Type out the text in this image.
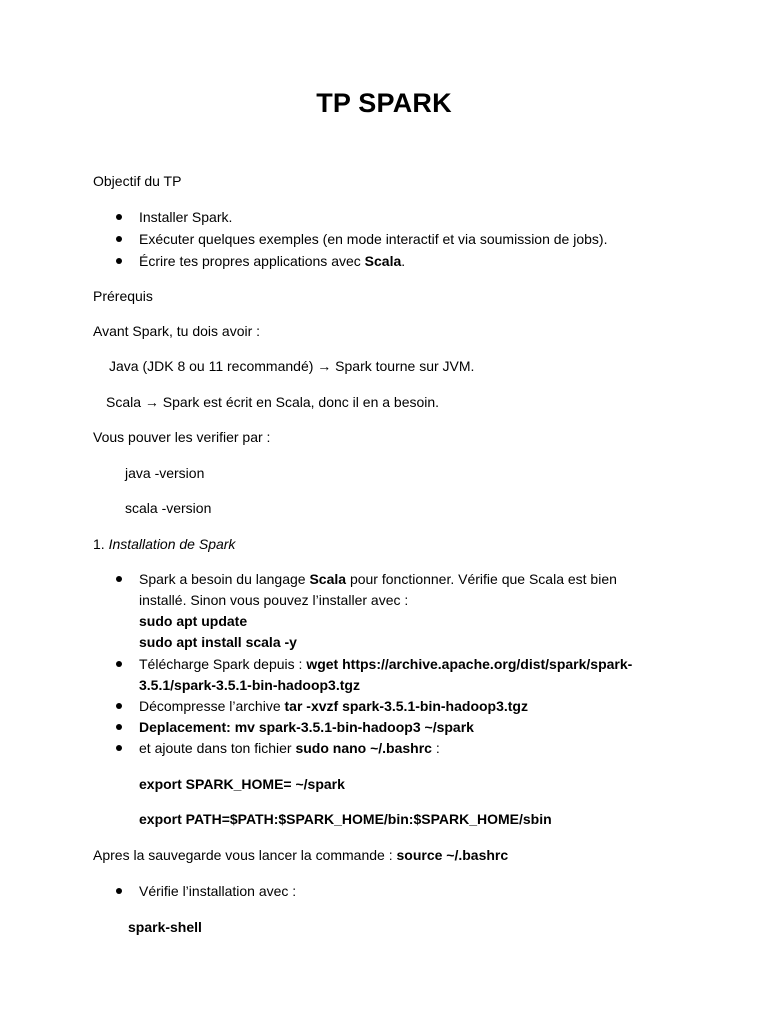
TP SPARK
Objectif du TP
Installer Spark.
Exécuter quelques exemples (en mode interactif et via soumission de jobs).
Écrire tes propres applications avec Scala.
Prérequis
Avant Spark, tu dois avoir :
Java (JDK 8 ou 11 recommandé) → Spark tourne sur JVM.
Scala → Spark est écrit en Scala, donc il en a besoin.
Vous pouver les verifier par :
java -version
scala -version
1. Installation de Spark
Spark a besoin du langage Scala pour fonctionner. Vérifie que Scala est bien
installé. Sinon vous pouvez l’installer avec :
sudo apt update
sudo apt install scala -y
Télécharge Spark depuis : wget https://archive.apache.org/dist/spark/spark-
3.5.1/spark-3.5.1-bin-hadoop3.tgz
Décompresse l’archive tar -xvzf spark-3.5.1-bin-hadoop3.tgz
Deplacement: mv spark-3.5.1-bin-hadoop3 ~/spark
et ajoute dans ton fichier sudo nano ~/.bashrc :
export SPARK_HOME= ~/spark
export PATH=$PATH:$SPARK_HOME/bin:$SPARK_HOME/sbin
Apres la sauvegarde vous lancer la commande : source ~/.bashrc
Vérifie l’installation avec :
spark-shell
